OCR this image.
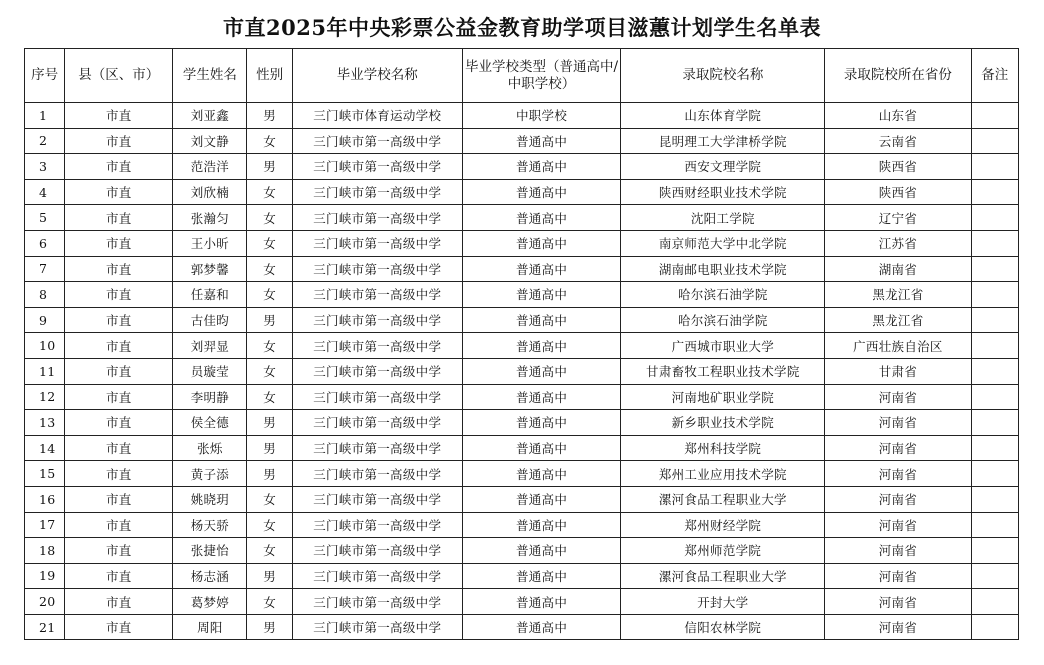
市直2025年中央彩票公益金教育助学项目滋蕙计划学生名单表
序号	县（区、市）	学生姓名	性别	毕业学校名称	毕业学校类型（普通高中/中职学校）	录取院校名称	录取院校所在省份	备注
1	市直	刘亚鑫	男	三门峡市体育运动学校	中职学校	山东体育学院	山东省	
2	市直	刘文静	女	三门峡市第一高级中学	普通高中	昆明理工大学津桥学院	云南省	
3	市直	范浩洋	男	三门峡市第一高级中学	普通高中	西安文理学院	陕西省	
4	市直	刘欣楠	女	三门峡市第一高级中学	普通高中	陕西财经职业技术学院	陕西省	
5	市直	张瀚匀	女	三门峡市第一高级中学	普通高中	沈阳工学院	辽宁省	
6	市直	王小昕	女	三门峡市第一高级中学	普通高中	南京师范大学中北学院	江苏省	
7	市直	郭梦馨	女	三门峡市第一高级中学	普通高中	湖南邮电职业技术学院	湖南省	
8	市直	任嘉和	女	三门峡市第一高级中学	普通高中	哈尔滨石油学院	黑龙江省	
9	市直	古佳昀	男	三门峡市第一高级中学	普通高中	哈尔滨石油学院	黑龙江省	
10	市直	刘羿显	女	三门峡市第一高级中学	普通高中	广西城市职业大学	广西壮族自治区	
11	市直	员璇莹	女	三门峡市第一高级中学	普通高中	甘肃畜牧工程职业技术学院	甘肃省	
12	市直	李明静	女	三门峡市第一高级中学	普通高中	河南地矿职业学院	河南省	
13	市直	侯全德	男	三门峡市第一高级中学	普通高中	新乡职业技术学院	河南省	
14	市直	张烁	男	三门峡市第一高级中学	普通高中	郑州科技学院	河南省	
15	市直	黄子添	男	三门峡市第一高级中学	普通高中	郑州工业应用技术学院	河南省	
16	市直	姚晓玥	女	三门峡市第一高级中学	普通高中	漯河食品工程职业大学	河南省	
17	市直	杨天骄	女	三门峡市第一高级中学	普通高中	郑州财经学院	河南省	
18	市直	张捷怡	女	三门峡市第一高级中学	普通高中	郑州师范学院	河南省	
19	市直	杨志涵	男	三门峡市第一高级中学	普通高中	漯河食品工程职业大学	河南省	
20	市直	葛梦婷	女	三门峡市第一高级中学	普通高中	开封大学	河南省	
21	市直	周阳	男	三门峡市第一高级中学	普通高中	信阳农林学院	河南省	
